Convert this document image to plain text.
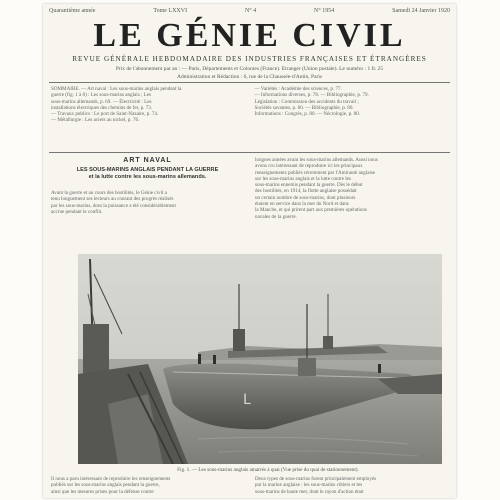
Quarantième année	Tome LXXVI	N° 4	N° 1954	Samedi 24 Janvier 1920
LE GÉNIE CIVIL
REVUE GÉNÉRALE HEBDOMADAIRE DES INDUSTRIES FRANÇAISES ET ÉTRANGÈRES
Prix de l'abonnement par an : — Paris, Départements et Colonies (France). Étranger (Union postale). Le numéro : 1 fr. 25
Administration et Rédaction : 6, rue de la Chaussée-d'Antin, Paris
SOMMAIRE. — Art naval : Les sous-marins anglais pendant la
guerre (fig. 1 à 8) : Les sous-marins anglais ; Les
sous-marins allemands, p. 69. — Électricité : Les
installations électriques des chemins de fer, p. 73.
— Travaux publics : Le port de Saint-Nazaire, p. 74.
— Métallurgie : Les aciers au nickel, p. 76.
— Variétés : Académie des sciences, p. 77.
— Informations diverses, p. 78. — Bibliographie, p. 79.
Législation : Commission des accidents du travail ;
Sociétés savantes, p. 80. — Bibliographie, p. 80.
Informations : Congrès, p. 80. — Nécrologie, p. 80.
ART NAVAL
LES SOUS-MARINS ANGLAIS PENDANT LA GUERRE
et la lutte contre les sous-marins allemands.
Avant la guerre et au cours des hostilités, le Génie civil a
tenu longuement ses lecteurs au courant des progrès réalisés
par les sous-marins, dont la puissance a été considérablement
accrue pendant le conflit.
longues années avant les sous-marins allemands. Aussi nous
avons cru intéressant de reproduire ici les principaux
renseignements publiés récemment par l'Amirauté anglaise
sur les sous-marins anglais et la lutte contre les
sous-marins ennemis pendant la guerre. Dès le début
des hostilités, en 1914, la flotte anglaise possédait
un certain nombre de sous-marins, dont plusieurs
étaient en service dans la mer du Nord et dans
la Manche, et qui prirent part aux premières opérations
navales de la guerre.
L
Fig. 1. — Les sous-marins anglais amarrés à quai (Vue prise du quai de stationnement).
Il nous a paru intéressant de reproduire les renseignements
publiés sur les sous-marins anglais pendant la guerre,
ainsi que les mesures prises pour la défense contre
Deux types de sous-marins furent principalement employés
par la marine anglaise : les sous-marins côtiers et les
sous-marins de haute mer, dont le rayon d'action était
